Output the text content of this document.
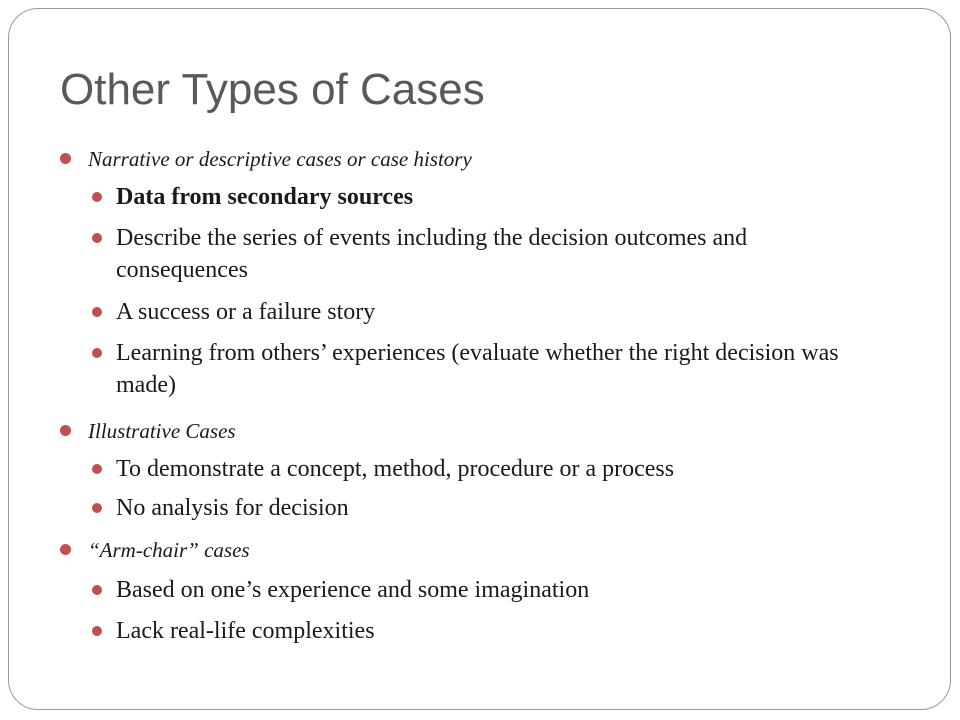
Other Types of Cases
Narrative or descriptive cases or case history
Data from secondary sources
Describe the series of events including the decision outcomes and consequences
A success or a failure story
Learning from others’ experiences (evaluate whether the right decision was made)
Illustrative Cases
To demonstrate a concept, method, procedure or a process
No analysis for decision
“Arm-chair” cases
Based on one’s experience and some imagination
Lack real-life complexities
